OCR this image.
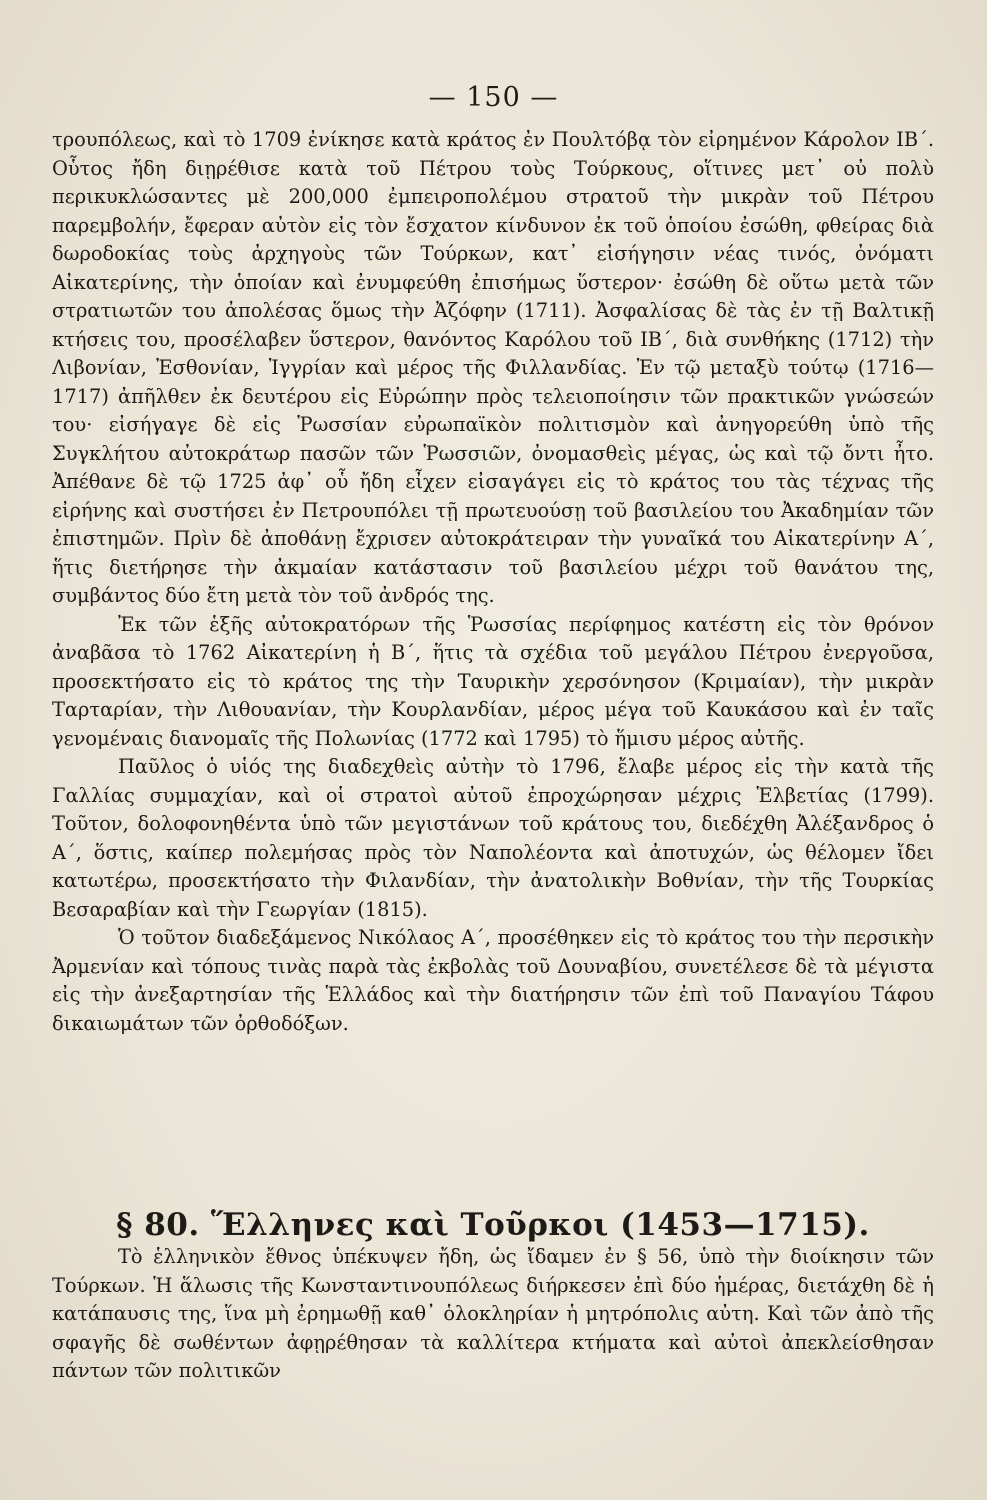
— 150 —

τρουπόλεως, καὶ τὸ 1709 ἐνίκησε κατὰ κράτος ἐν Πουλτόβᾳ τὸν εἰρημένον Κάρολον ΙΒ΄. Οὗτος ἤδη διῃρέθισε κατὰ τοῦ Πέτρου τοὺς Τούρκους, οἵτινες μετ᾽ οὐ πολὺ περικυκλώσαντες μὲ 200,000 ἐμπειροπολέμου στρατοῦ τὴν μικρὰν τοῦ Πέτρου παρεμβολήν, ἔφεραν αὐτὸν εἰς τὸν ἔσχατον κίνδυνον ἐκ τοῦ ὁποίου ἐσώθη, φθείρας διὰ δωροδοκίας τοὺς ἀρχηγοὺς τῶν Τούρκων, κατ᾽ εἰσήγησιν νέας τινός, ὀνόματι Αἰκατερίνης, τὴν ὁποίαν καὶ ἐνυμφεύθη ἐπισήμως ὕστερον· ἐσώθη δὲ οὕτω μετὰ τῶν στρατιωτῶν του ἀπολέσας ὅμως τὴν Ἀζόφην (1711). Ἀσφαλίσας δὲ τὰς ἐν τῇ Βαλτικῇ κτήσεις του, προσέλαβεν ὕστερον, θανόντος Καρόλου τοῦ ΙΒ΄, διὰ συνθήκης (1712) τὴν Λιβονίαν, Ἐσθονίαν, Ἰγγρίαν καὶ μέρος τῆς Φιλλανδίας. Ἐν τῷ μεταξὺ τούτῳ (1716—1717) ἀπῆλθεν ἐκ δευτέρου εἰς Εὐρώπην πρὸς τελειοποίησιν τῶν πρακτικῶν γνώσεών του· εἰσήγαγε δὲ εἰς Ῥωσσίαν εὐρωπαϊκὸν πολιτισμὸν καὶ ἀνηγορεύθη ὑπὸ τῆς Συγκλήτου αὐτοκράτωρ πασῶν τῶν Ῥωσσιῶν, ὀνομασθεὶς μέγας, ὡς καὶ τῷ ὄντι ἦτο. Ἀπέθανε δὲ τῷ 1725 ἀφ᾽ οὗ ἤδη εἶχεν εἰσαγάγει εἰς τὸ κράτος του τὰς τέχνας τῆς εἰρήνης καὶ συστήσει ἐν Πετρουπόλει τῇ πρωτευούσῃ τοῦ βασιλείου του Ἀκαδημίαν τῶν ἐπιστημῶν. Πρὶν δὲ ἀποθάνῃ ἔχρισεν αὐτοκράτειραν τὴν γυναῖκά του Αἰκατερίνην Α΄, ἥτις διετήρησε τὴν ἀκμαίαν κατάστασιν τοῦ βασιλείου μέχρι τοῦ θανάτου της, συμβάντος δύο ἔτη μετὰ τὸν τοῦ ἀνδρός της.

Ἐκ τῶν ἑξῆς αὐτοκρατόρων τῆς Ῥωσσίας περίφημος κατέστη εἰς τὸν θρόνον ἀναβᾶσα τὸ 1762 Αἰκατερίνη ἡ Β΄, ἥτις τὰ σχέδια τοῦ μεγάλου Πέτρου ἐνεργοῦσα, προσεκτήσατο εἰς τὸ κράτος της τὴν Ταυρικὴν χερσόνησον (Κριμαίαν), τὴν μικρὰν Ταρταρίαν, τὴν Λιθουανίαν, τὴν Κουρλανδίαν, μέρος μέγα τοῦ Καυκάσου καὶ ἐν ταῖς γενομέναις διανομαῖς τῆς Πολωνίας (1772 καὶ 1795) τὸ ἥμισυ μέρος αὐτῆς.

Παῦλος ὁ υἱός της διαδεχθεὶς αὐτὴν τὸ 1796, ἔλαβε μέρος εἰς τὴν κατὰ τῆς Γαλλίας συμμαχίαν, καὶ οἱ στρατοὶ αὐτοῦ ἐπροχώρησαν μέχρις Ἑλβετίας (1799). Τοῦτον, δολοφονηθέντα ὑπὸ τῶν μεγιστάνων τοῦ κράτους του, διεδέχθη Ἀλέξανδρος ὁ Α΄, ὅστις, καίπερ πολεμήσας πρὸς τὸν Ναπολέοντα καὶ ἀποτυχών, ὡς θέλομεν ἴδει κατωτέρω, προσεκτήσατο τὴν Φιλανδίαν, τὴν ἀνατολικὴν Βοθνίαν, τὴν τῆς Τουρκίας Βεσαραβίαν καὶ τὴν Γεωργίαν (1815).

Ὁ τοῦτον διαδεξάμενος Νικόλαος Α΄, προσέθηκεν εἰς τὸ κράτος του τὴν περσικὴν Ἀρμενίαν καὶ τόπους τινὰς παρὰ τὰς ἐκβολὰς τοῦ Δουναβίου, συνετέλεσε δὲ τὰ μέγιστα εἰς τὴν ἀνεξαρτησίαν τῆς Ἑλλάδος καὶ τὴν διατήρησιν τῶν ἐπὶ τοῦ Παναγίου Τάφου δικαιωμάτων τῶν ὀρθοδόξων.

§ 80. Ἕλληνες καὶ Τοῦρκοι (1453—1715).

Τὸ ἑλληνικὸν ἔθνος ὑπέκυψεν ἤδη, ὡς ἴδαμεν ἐν § 56, ὑπὸ τὴν διοίκησιν τῶν Τούρκων. Ἡ ἅλωσις τῆς Κωνσταντινουπόλεως διήρκεσεν ἐπὶ δύο ἡμέρας, διετάχθη δὲ ἡ κατάπαυσις της, ἵνα μὴ ἐρημωθῇ καθ᾽ ὁλοκληρίαν ἡ μητρόπολις αὐτη. Καὶ τῶν ἀπὸ τῆς σφαγῆς δὲ σωθέντων ἀφῃρέθησαν τὰ καλλίτερα κτήματα καὶ αὐτοὶ ἀπεκλείσθησαν πάντων τῶν πολιτικῶν
